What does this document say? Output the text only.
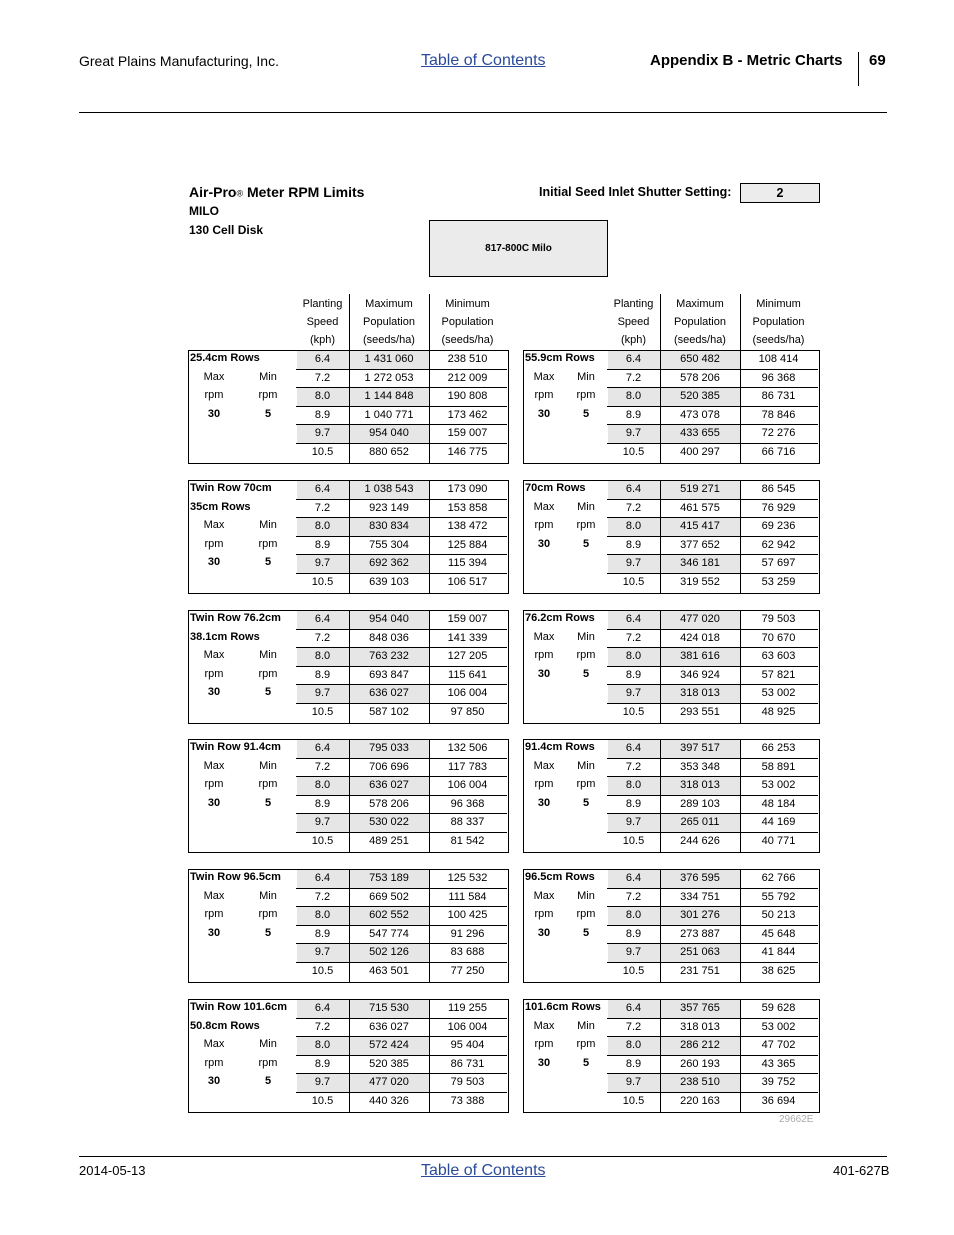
Great Plains Manufacturing, Inc.	Table of Contents	Appendix B - Metric Charts 69
Air-Pro® Meter RPM Limits
MILO
130 Cell Disk
Initial Seed Inlet Shutter Setting:	2
817-800C Milo
Planting
Speed
(kph)
Maximum
Population
(seeds/ha)
Minimum
Population
(seeds/ha)
Planting
Speed
(kph)
Maximum
Population
(seeds/ha)
Minimum
Population
(seeds/ha)
6.4	1 431 060	238 510
7.2	1 272 053	212 009
8.0	1 144 848	190 808
8.9	1 040 771	173 462
9.7	954 040	159 007
10.5	880 652	146 775
25.4cm Rows
Max	Min
rpm	rpm
30	5
6.4	650 482	108 414
7.2	578 206	96 368
8.0	520 385	86 731
8.9	473 078	78 846
9.7	433 655	72 276
10.5	400 297	66 716
55.9cm Rows
Max	Min
rpm	rpm
30	5
6.4	1 038 543	173 090
7.2	923 149	153 858
8.0	830 834	138 472
8.9	755 304	125 884
9.7	692 362	115 394
10.5	639 103	106 517
Twin Row 70cm
35cm Rows
Max	Min
rpm	rpm
30	5
6.4	519 271	86 545
7.2	461 575	76 929
8.0	415 417	69 236
8.9	377 652	62 942
9.7	346 181	57 697
10.5	319 552	53 259
70cm Rows
Max	Min
rpm	rpm
30	5
6.4	954 040	159 007
7.2	848 036	141 339
8.0	763 232	127 205
8.9	693 847	115 641
9.7	636 027	106 004
10.5	587 102	97 850
Twin Row 76.2cm
38.1cm Rows
Max	Min
rpm	rpm
30	5
6.4	477 020	79 503
7.2	424 018	70 670
8.0	381 616	63 603
8.9	346 924	57 821
9.7	318 013	53 002
10.5	293 551	48 925
76.2cm Rows
Max	Min
rpm	rpm
30	5
6.4	795 033	132 506
7.2	706 696	117 783
8.0	636 027	106 004
8.9	578 206	96 368
9.7	530 022	88 337
10.5	489 251	81 542
Twin Row 91.4cm
Max	Min
rpm	rpm
30	5
6.4	397 517	66 253
7.2	353 348	58 891
8.0	318 013	53 002
8.9	289 103	48 184
9.7	265 011	44 169
10.5	244 626	40 771
91.4cm Rows
Max	Min
rpm	rpm
30	5
6.4	753 189	125 532
7.2	669 502	111 584
8.0	602 552	100 425
8.9	547 774	91 296
9.7	502 126	83 688
10.5	463 501	77 250
Twin Row 96.5cm
Max	Min
rpm	rpm
30	5
6.4	376 595	62 766
7.2	334 751	55 792
8.0	301 276	50 213
8.9	273 887	45 648
9.7	251 063	41 844
10.5	231 751	38 625
96.5cm Rows
Max	Min
rpm	rpm
30	5
6.4	715 530	119 255
7.2	636 027	106 004
8.0	572 424	95 404
8.9	520 385	86 731
9.7	477 020	79 503
10.5	440 326	73 388
Twin Row 101.6cm
50.8cm Rows
Max	Min
rpm	rpm
30	5
6.4	357 765	59 628
7.2	318 013	53 002
8.0	286 212	47 702
8.9	260 193	43 365
9.7	238 510	39 752
10.5	220 163	36 694
101.6cm Rows
Max	Min
rpm	rpm
30	5
29662E
2014-05-13	Table of Contents	401-627B
